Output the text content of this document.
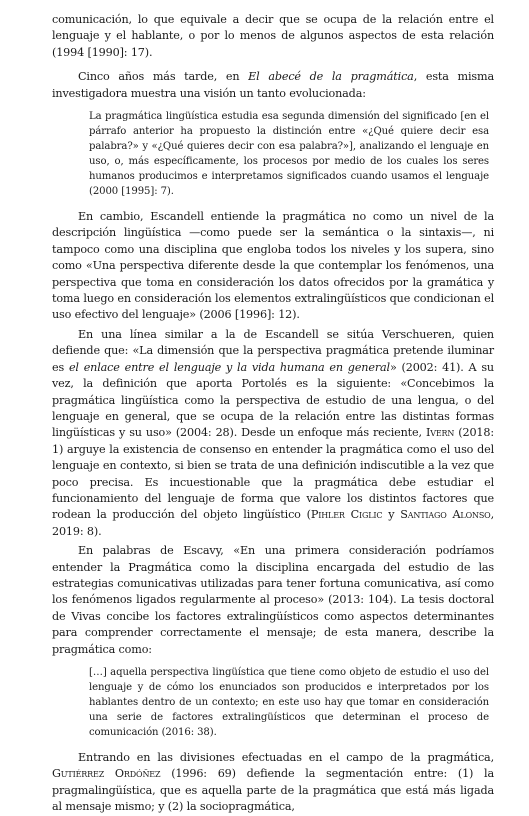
comunicación, lo que equivale a decir que se ocupa de la relación entre el lenguaje y el hablante, o por lo menos de algunos aspectos de esta relación (1994 [1990]: 17).

Cinco años más tarde, en El abecé de la pragmática, esta misma investigadora muestra una visión un tanto evolucionada:

La pragmática lingüística estudia esa segunda dimensión del significado [en el párrafo anterior ha propuesto la distinción entre «¿Qué quiere decir esa palabra?» y «¿Qué quieres decir con esa palabra?»], analizando el lenguaje en uso, o, más específicamente, los procesos por medio de los cuales los seres humanos producimos e interpretamos significados cuando usamos el lenguaje (2000 [1995]: 7).

En cambio, Escandell entiende la pragmática no como un nivel de la descripción lingüística —como puede ser la semántica o la sintaxis—, ni tampoco como una disciplina que engloba todos los niveles y los supera, sino como «Una perspectiva diferente desde la que contemplar los fenómenos, una perspectiva que toma en consideración los datos ofrecidos por la gramática y toma luego en consideración los elementos extralingüísticos que condicionan el uso efectivo del lenguaje» (2006 [1996]: 12).

En una línea similar a la de Escandell se sitúa Verschueren, quien defiende que: «La dimensión que la perspectiva pragmática pretende iluminar es el enlace entre el lenguaje y la vida humana en general» (2002: 41). A su vez, la definición que aporta Portolés es la siguiente: «Concebimos la pragmática lingüística como la perspectiva de estudio de una lengua, o del lenguaje en general, que se ocupa de la relación entre las distintas formas lingüísticas y su uso» (2004: 28). Desde un enfoque más reciente, Ivern (2018: 1) arguye la existencia de consenso en entender la pragmática como el uso del lenguaje en contexto, si bien se trata de una definición indiscutible a la vez que poco precisa. Es incuestionable que la pragmática debe estudiar el funcionamiento del lenguaje de forma que valore los distintos factores que rodean la producción del objeto lingüístico (Pihler Ciglic y Santiago Alonso, 2019: 8).

En palabras de Escavy, «En una primera consideración podríamos entender la Pragmática como la disciplina encargada del estudio de las estrategias comunicativas utilizadas para tener fortuna comunicativa, así como los fenómenos ligados regularmente al proceso» (2013: 104). La tesis doctoral de Vivas concibe los factores extralingüísticos como aspectos determinantes para comprender correctamente el mensaje; de esta manera, describe la pragmática como:

[…] aquella perspectiva lingüística que tiene como objeto de estudio el uso del lenguaje y de cómo los enunciados son producidos e interpretados por los hablantes dentro de un contexto; en este uso hay que tomar en consideración una serie de factores extralingüísticos que determinan el proceso de comunicación (2016: 38).

Entrando en las divisiones efectuadas en el campo de la pragmática, Gutiérrez Ordóñez (1996: 69) defiende la segmentación entre: (1) la pragmalingüística, que es aquella parte de la pragmática que está más ligada al mensaje mismo; y (2) la sociopragmática,
